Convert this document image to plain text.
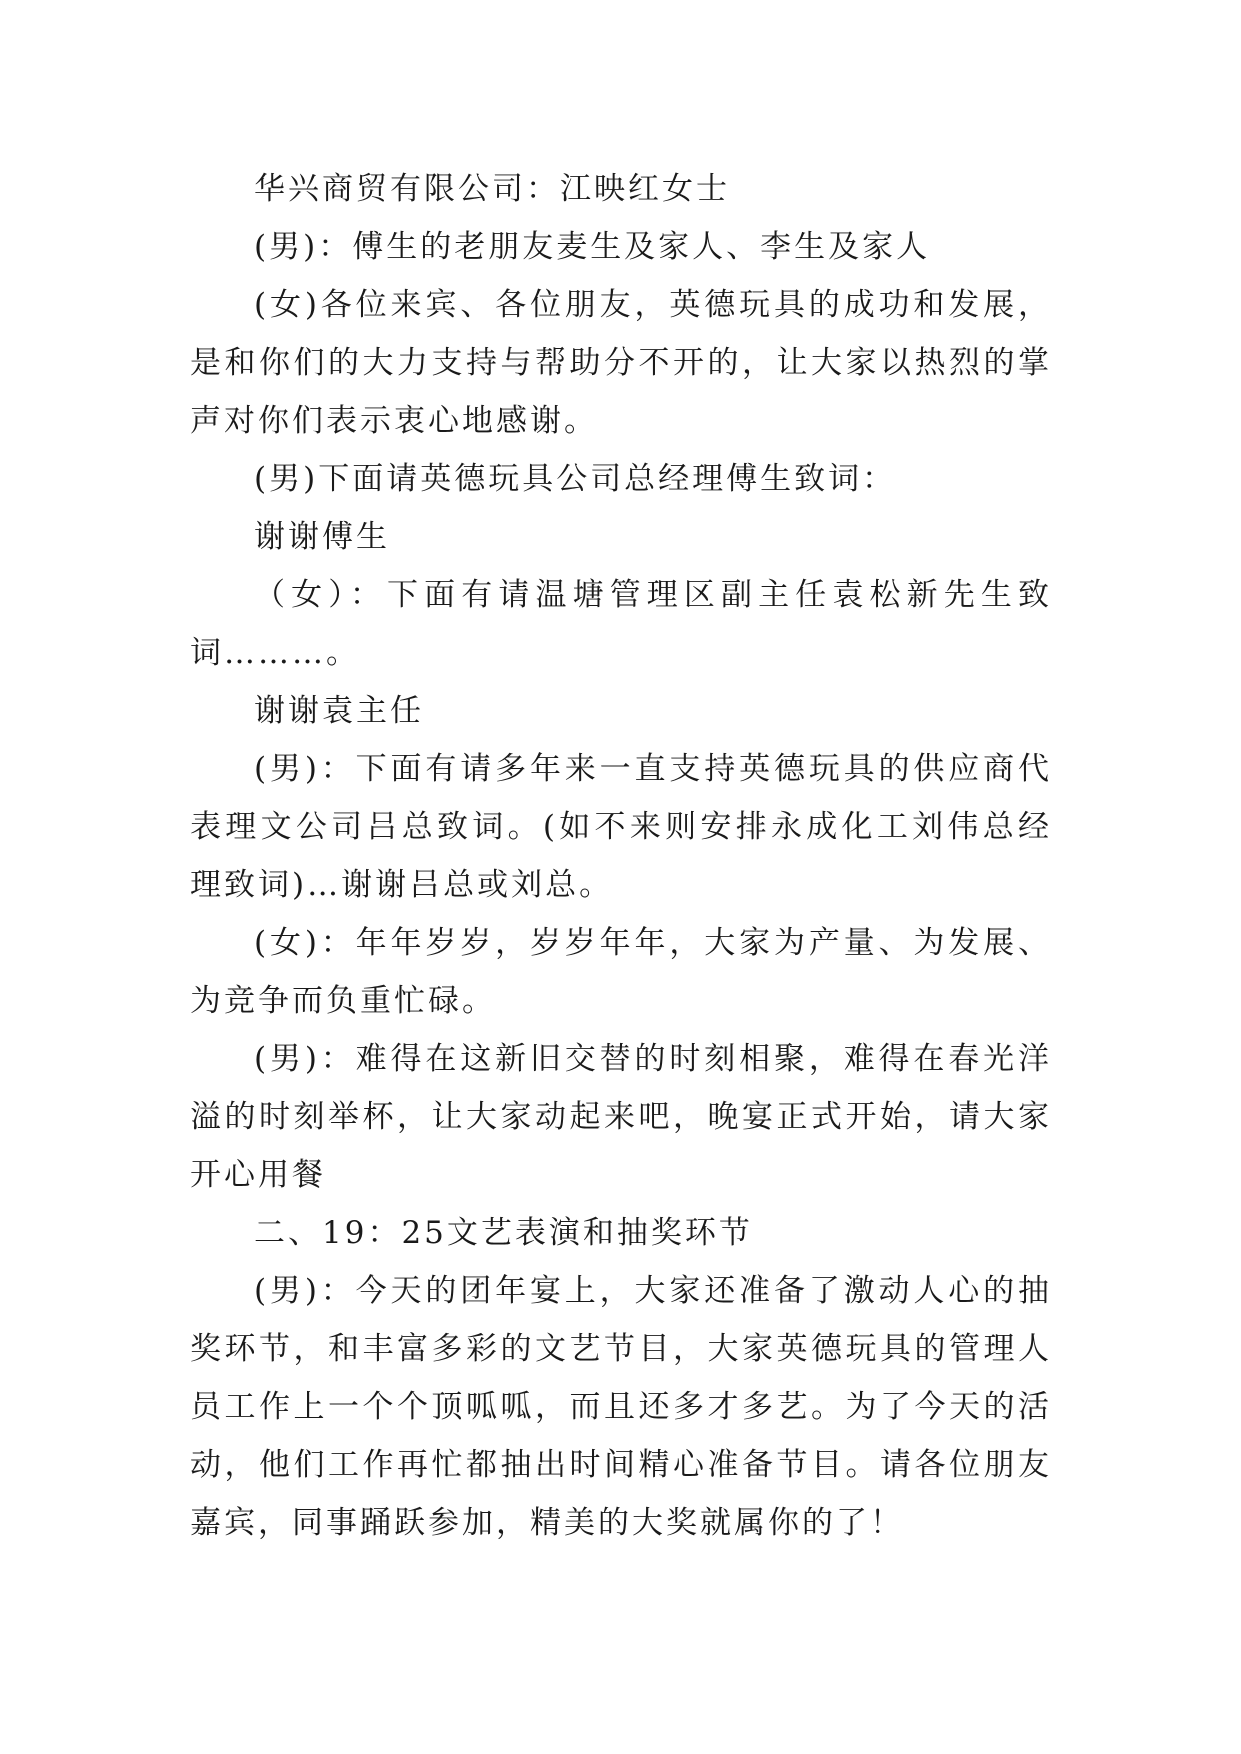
华兴商贸有限公司：江映红女士

(男)：傅生的老朋友麦生及家人、李生及家人

(女)各位来宾、各位朋友，英德玩具的成功和发展，是和你们的大力支持与帮助分不开的，让大家以热烈的掌声对你们表示衷心地感谢。

(男)下面请英德玩具公司总经理傅生致词：

谢谢傅生

（女）：下面有请温塘管理区副主任袁松新先生致词………。

谢谢袁主任

(男)：下面有请多年来一直支持英德玩具的供应商代表理文公司吕总致词。(如不来则安排永成化工刘伟总经理致词)…谢谢吕总或刘总。

(女)：年年岁岁，岁岁年年，大家为产量、为发展、为竞争而负重忙碌。

(男)：难得在这新旧交替的时刻相聚，难得在春光洋溢的时刻举杯，让大家动起来吧，晚宴正式开始，请大家开心用餐

二、19：25文艺表演和抽奖环节

(男)：今天的团年宴上，大家还准备了激动人心的抽奖环节，和丰富多彩的文艺节目，大家英德玩具的管理人员工作上一个个顶呱呱，而且还多才多艺。为了今天的活动，他们工作再忙都抽出时间精心准备节目。请各位朋友嘉宾，同事踊跃参加，精美的大奖就属你的了！
